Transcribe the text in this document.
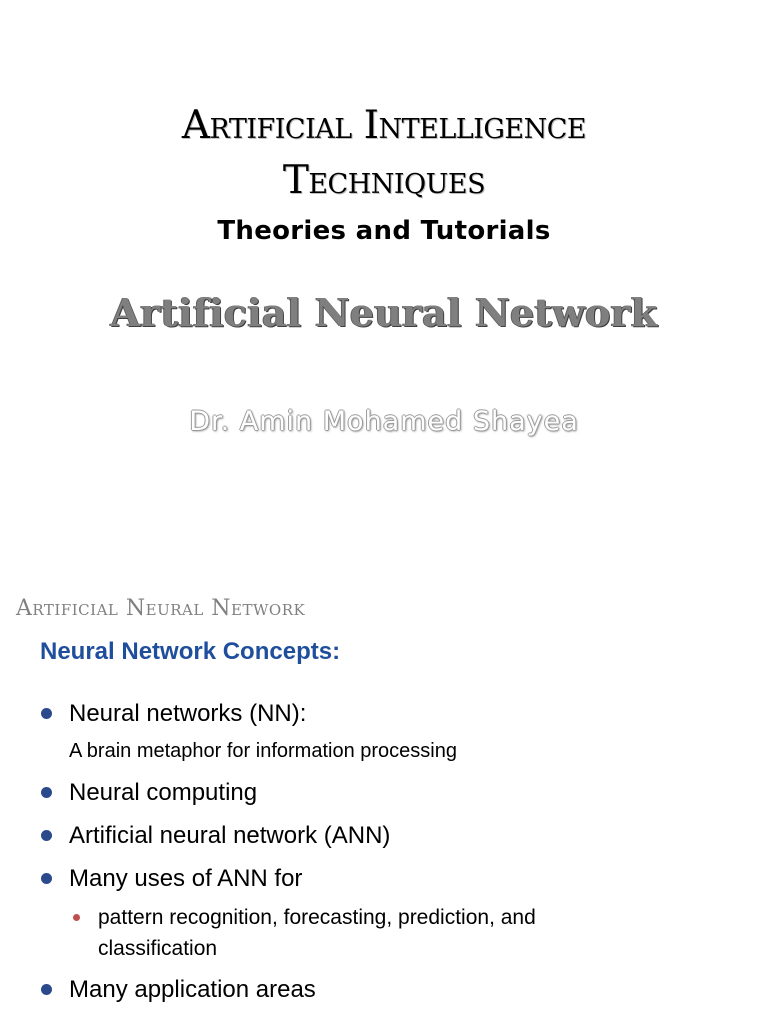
Artificial Intelligence
Techniques
Theories and Tutorials
Artificial Neural Network
Dr. Amin Mohamed Shayea
Artificial Neural Network
Neural Network Concepts:
Neural networks (NN):
A brain metaphor for information processing
Neural computing
Artificial neural network (ANN)
Many uses of ANN for
pattern recognition, forecasting, prediction, and classification
Many application areas
